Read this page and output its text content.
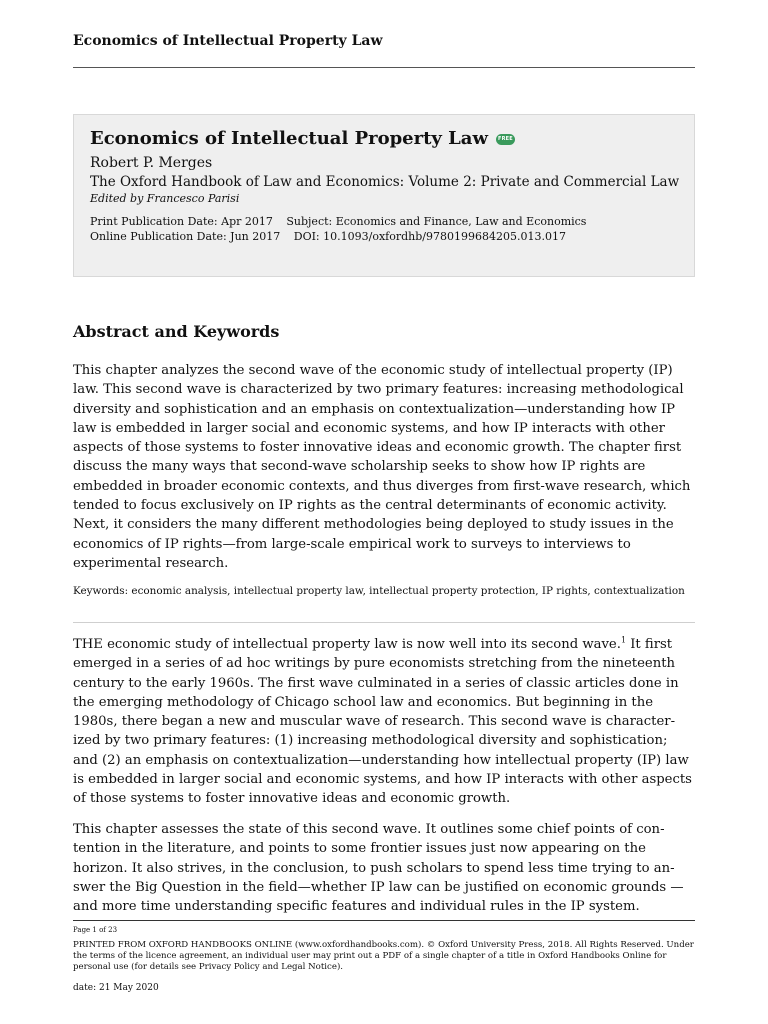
Economics of Intellectual Property Law
Economics of Intellectual Property Law	FREE
Robert P. Merges
The Oxford Handbook of Law and Economics: Volume 2: Private and Commercial Law
Edited by Francesco Parisi
Print Publication Date: Apr 2017 Subject: Economics and Finance, Law and Economics
Online Publication Date: Jun 2017 DOI: 10.1093/oxfordhb/9780199684205.013.017
Abstract and Keywords

This chapter analyzes the second wave of the economic study of intellectual property (IP) law. This second wave is characterized by two primary features: increasing methodological diversity and sophistication and an emphasis on contextualization—understanding how IP law is embedded in larger social and economic systems, and how IP interacts with other aspects of those systems to foster innovative ideas and economic growth. The chapter first discuss the many ways that second-wave scholarship seeks to show how IP rights are embedded in broader economic contexts, and thus diverges from first-wave research, which tended to focus exclusively on IP rights as the central determinants of economic activity. Next, it considers the many different methodologies being deployed to study issues in the economics of IP rights—from large-scale empirical work to surveys to interviews to experimental research.

Keywords: economic analysis, intellectual property law, intellectual property protection, IP rights, contextualization

THE economic study of intellectual property law is now well into its second wave.$^1$ It first emerged in a series of ad hoc writings by pure economists stretching from the nineteenth century to the early 1960s. The first wave culminated in a series of classic articles done in the emerging methodology of Chicago school law and economics. But beginning in the 1980s, there began a new and muscular wave of research. This second wave is characterized by two primary features: (1) increasing methodological diversity and sophistication; and (2) an emphasis on contextualization—understanding how intellectual property (IP) law is embedded in larger social and economic systems, and how IP interacts with other aspects of those systems to foster innovative ideas and economic growth.

This chapter assesses the state of this second wave. It outlines some chief points of contention in the literature, and points to some frontier issues just now appearing on the horizon. It also strives, in the conclusion, to push scholars to spend less time trying to answer the Big Question in the field—whether IP law can be justified on economic grounds —and more time understanding specific features and individual rules in the IP system.

Page 1 of 23

PRINTED FROM OXFORD HANDBOOKS ONLINE (www.oxfordhandbooks.com). © Oxford University Press, 2018. All Rights Reserved. Under the terms of the licence agreement, an individual user may print out a PDF of a single chapter of a title in Oxford Handbooks Online for personal use (for details see Privacy Policy and Legal Notice).

date: 21 May 2020
